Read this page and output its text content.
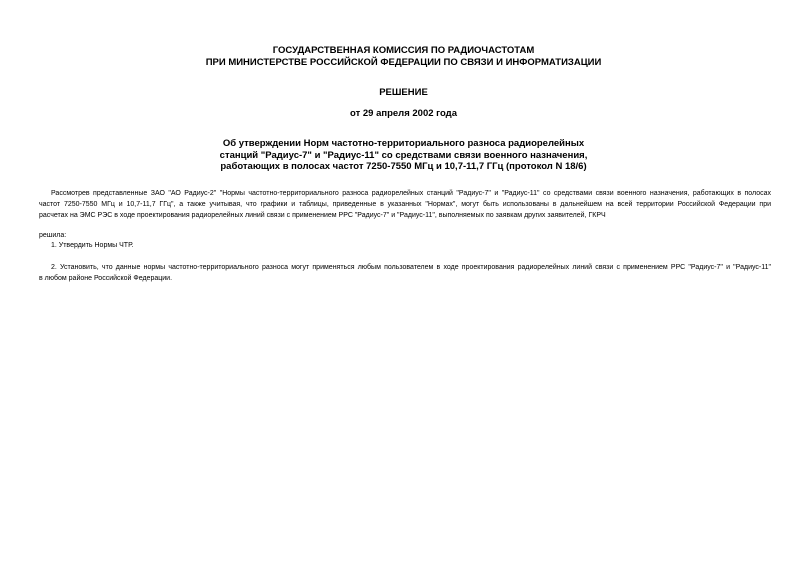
ГОСУДАРСТВЕННАЯ КОМИССИЯ ПО РАДИОЧАСТОТАМ
ПРИ МИНИСТЕРСТВЕ РОССИЙСКОЙ ФЕДЕРАЦИИ ПО СВЯЗИ И ИНФОРМАТИЗАЦИИ
РЕШЕНИЕ
от 29 апреля 2002 года
Об утверждении Норм частотно-территориального разноса радиорелейных
станций "Радиус-7" и "Радиус-11" со средствами связи военного назначения,
работающих в полосах частот 7250-7550 МГц и 10,7-11,7 ГГц (протокол N 18/6)
Рассмотрев представленные ЗАО "АО Радиус-2" "Нормы частотно-территориального разноса радиорелейных станций "Радиус-7" и "Радиус-11" со средствами связи военного назначения, работающих в полосах
частот 7250-7550 МГц и 10,7-11,7 ГГц", а также учитывая, что графики и таблицы, приведенные в указанных "Нормах", могут быть использованы в дальнейшем на всей территории Российской Федерации при
расчетах на ЭМС РЭС в ходе проектирования радиорелейных линий связи с применением РРС "Радиус-7" и "Радиус-11", выполняемых по заявкам других заявителей, ГКРЧ
решила:
1. Утвердить Нормы ЧТР.
2. Установить, что данные нормы частотно-территориального разноса могут применяться любым пользователем в ходе проектирования радиорелейных линий связи с применением РРС "Радиус-7" и "Радиус-11"
в любом районе Российской Федерации.
